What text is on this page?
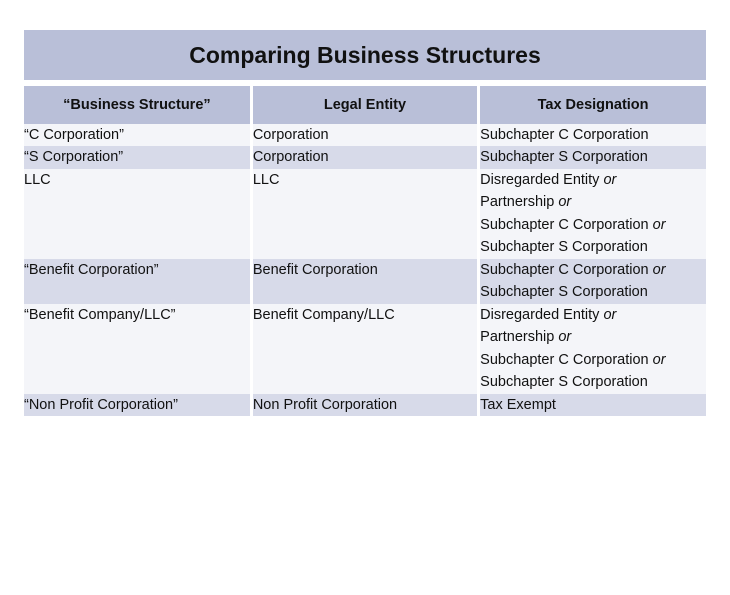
Comparing Business Structures		

“Business Structure”	Legal Entity	Tax Designation
“C Corporation”	Corporation	Subchapter C Corporation

“S Corporation”	Corporation	Subchapter S Corporation

LLC	LLC	Disregarded Entity or
Partnership or
Subchapter C Corporation or
Subchapter S Corporation

“Benefit Corporation”	Benefit Corporation	Subchapter C Corporation or
Subchapter S Corporation

“Benefit Company/LLC”	Benefit Company/LLC	Disregarded Entity or
Partnership or
Subchapter C Corporation or
Subchapter S Corporation

“Non Profit Corporation”	Non Profit Corporation	Tax Exempt
